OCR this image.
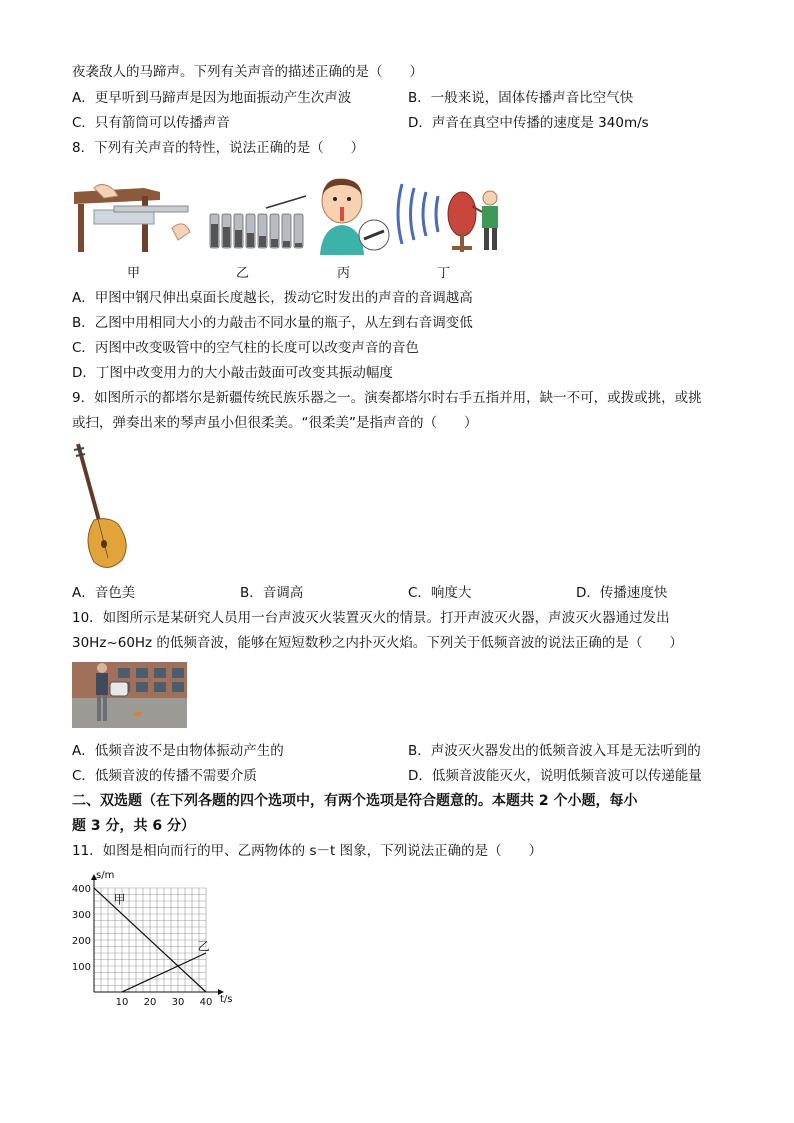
夜袭敌人的马蹄声。下列有关声音的描述正确的是（　　）
A．更早听到马蹄声是因为地面振动产生次声波	B．一般来说，固体传播声音比空气快
C．只有箭筒可以传播声音	D．声音在真空中传播的速度是 340m/s
8．下列有关声音的特性，说法正确的是（　　）
甲	乙	丙	丁
A．甲图中钢尺伸出桌面长度越长，拨动它时发出的声音的音调越高
B．乙图中用相同大小的力敲击不同水量的瓶子，从左到右音调变低
C．丙图中改变吸管中的空气柱的长度可以改变声音的音色
D．丁图中改变用力的大小敲击鼓面可改变其振动幅度
9．如图所示的都塔尔是新疆传统民族乐器之一。演奏都塔尔时右手五指并用，缺一不可，或拨或挑，或挑
或扫，弹奏出来的琴声虽小但很柔美。“很柔美”是指声音的（　　）
A．音色美	B．音调高	C．响度大	D．传播速度快
10．如图所示是某研究人员用一台声波灭火装置灭火的情景。打开声波灭火器，声波灭火器通过发出
30Hz~60Hz 的低频音波，能够在短短数秒之内扑灭火焰。下列关于低频音波的说法正确的是（　　）
A．低频音波不是由物体振动产生的	B．声波灭火器发出的低频音波入耳是无法听到的
C．低频音波的传播不需要介质	D．低频音波能灭火，说明低频音波可以传递能量
二、双选题（在下列各题的四个选项中，有两个选项是符合题意的。本题共 2 个小题，每小
题 3 分，共 6 分）
11．如图是相向而行的甲、乙两物体的 s－t 图象，下列说法正确的是（　　）
甲
乙
t/s
s/m
10 20 30 40
100
200
300
400
